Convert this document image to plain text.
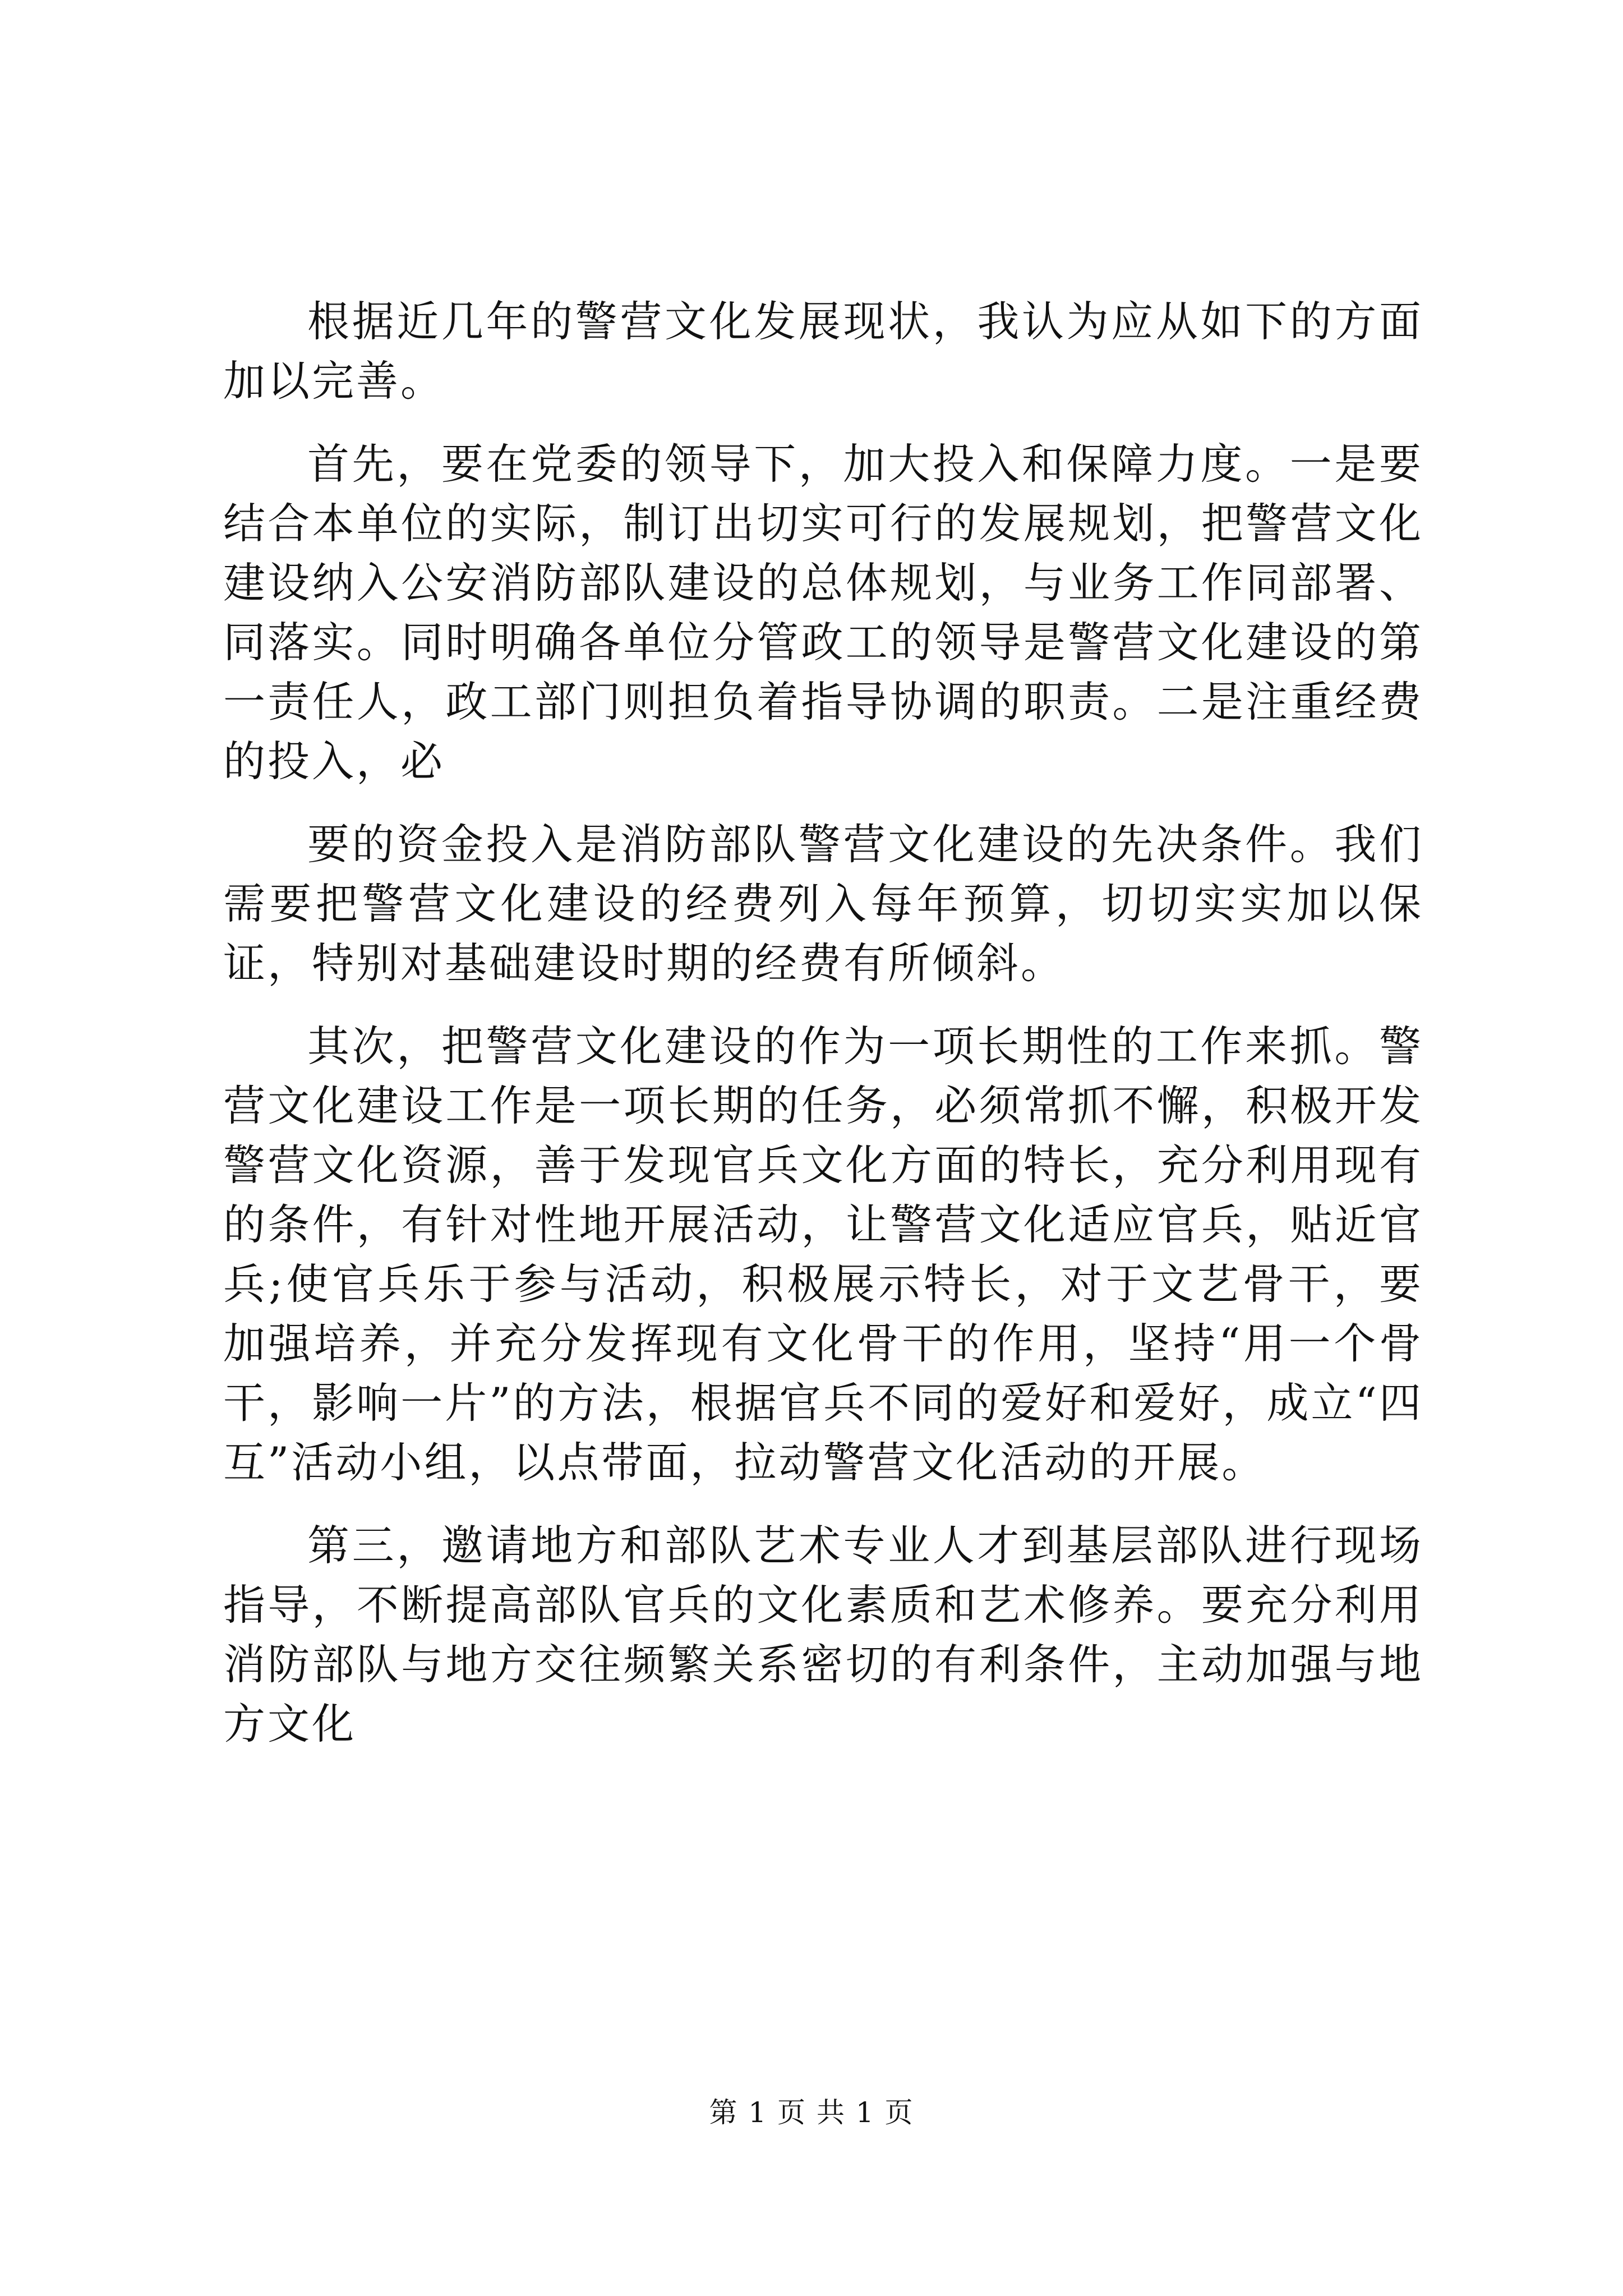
根据近几年的警营文化发展现状，我认为应从如下的方面加以完善。

首先，要在党委的领导下，加大投入和保障力度。一是要结合本单位的实际，制订出切实可行的发展规划，把警营文化建设纳入公安消防部队建设的总体规划，与业务工作同部署、同落实。同时明确各单位分管政工的领导是警营文化建设的第一责任人，政工部门则担负着指导协调的职责。二是注重经费的投入，必

要的资金投入是消防部队警营文化建设的先决条件。我们需要把警营文化建设的经费列入每年预算，切切实实加以保证，特别对基础建设时期的经费有所倾斜。

其次，把警营文化建设的作为一项长期性的工作来抓。警营文化建设工作是一项长期的任务，必须常抓不懈，积极开发警营文化资源，善于发现官兵文化方面的特长，充分利用现有的条件，有针对性地开展活动，让警营文化适应官兵，贴近官兵;使官兵乐于参与活动，积极展示特长，对于文艺骨干，要加强培养，并充分发挥现有文化骨干的作用，坚持“用一个骨干，影响一片”的方法，根据官兵不同的爱好和爱好，成立“四互”活动小组，以点带面，拉动警营文化活动的开展。

第三，邀请地方和部队艺术专业人才到基层部队进行现场指导，不断提高部队官兵的文化素质和艺术修养。要充分利用消防部队与地方交往频繁关系密切的有利条件，主动加强与地方文化

第 1 页 共 1 页
